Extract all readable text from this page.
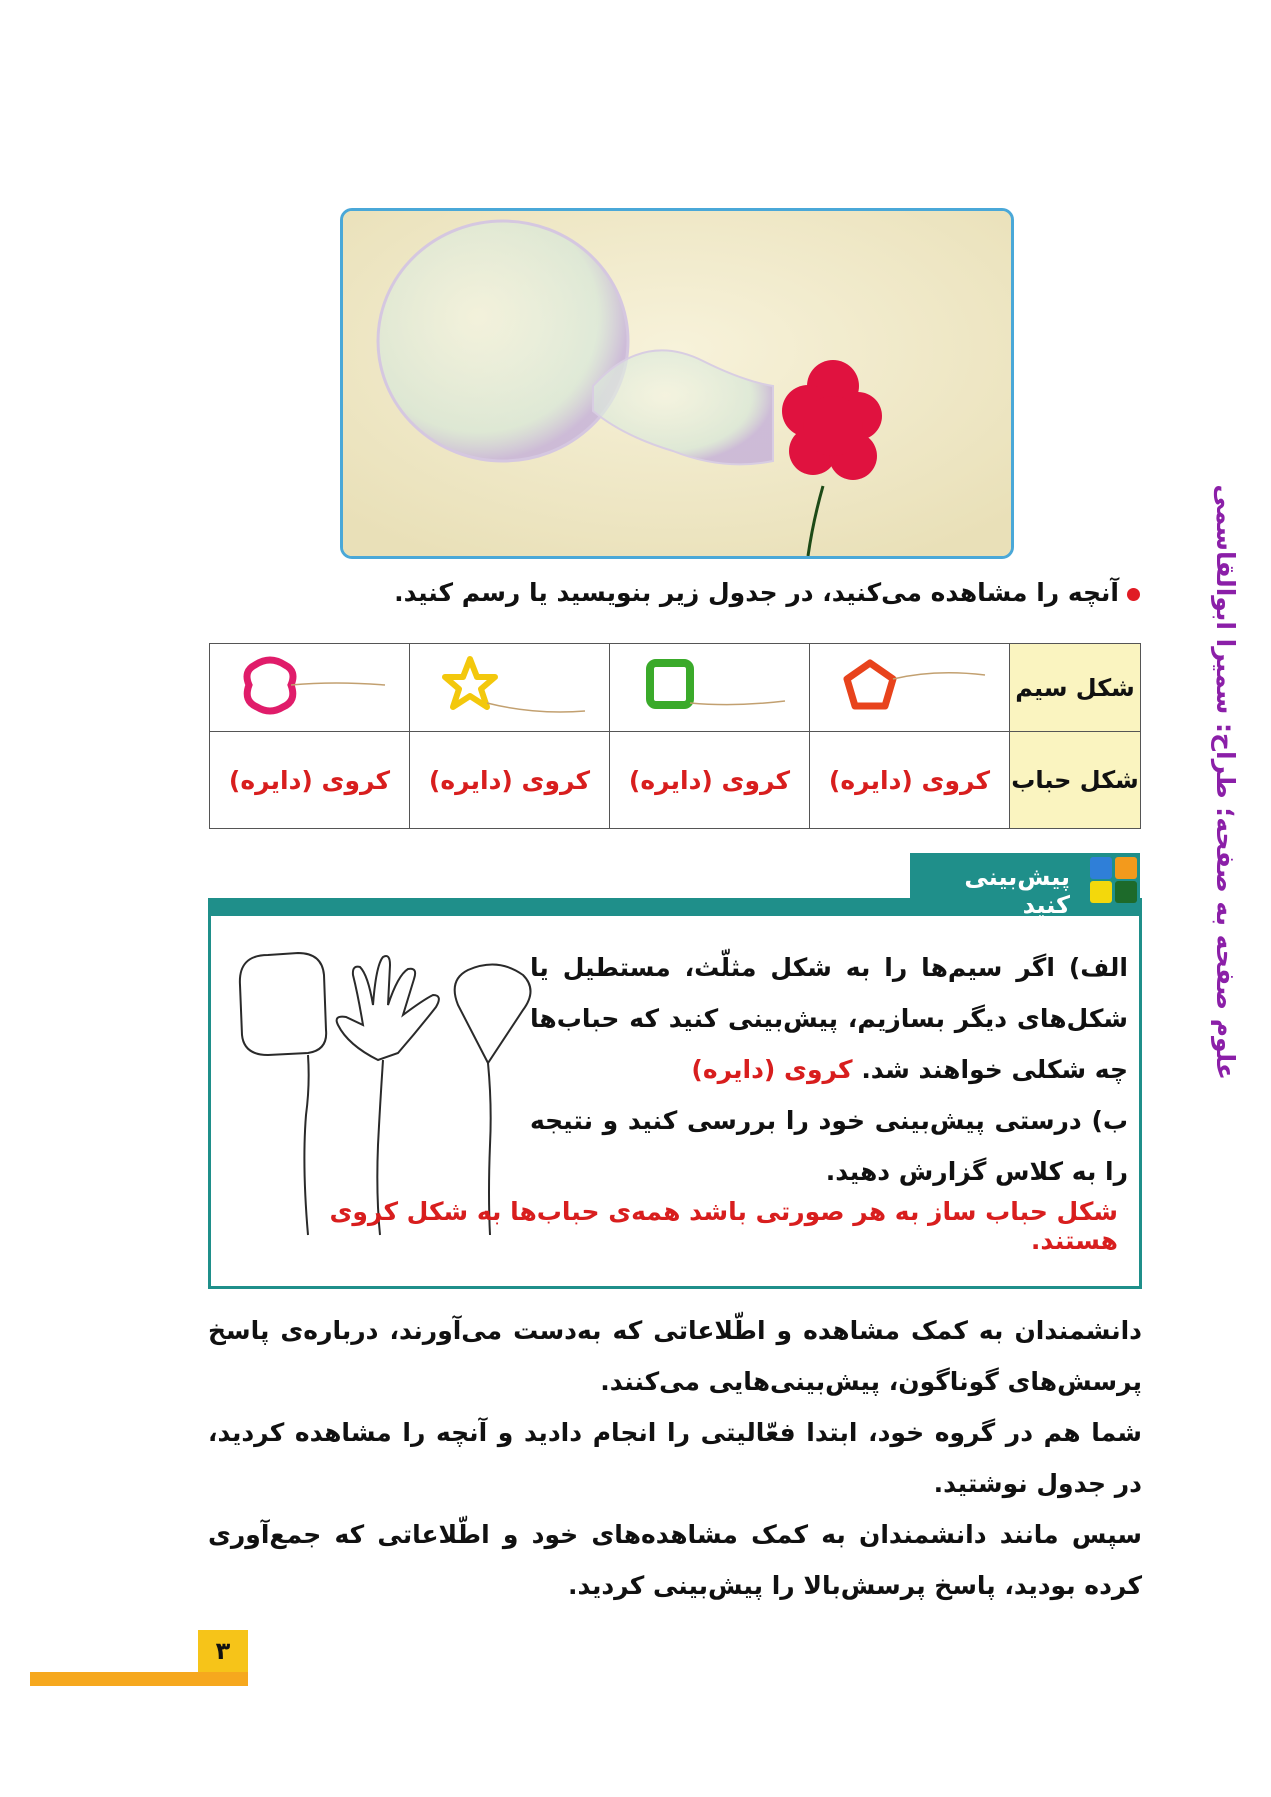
آنچه را مشاهده می‌کنید، در جدول زیر بنویسید یا رسم کنید.
شکل سیم				
شکل حباب	کروی (دایره)	کروی (دایره)	کروی (دایره)	کروی (دایره)	علوم صفحه به صفحه؛ طراح: سمیرا ابوالقاسمی
پیش‌بینی کنید
الف) اگر سیم‌ها را به شکل مثلّث، مستطیل یا شکل‌های دیگر بسازیم، پیش‌بینی کنید که حباب‌ها چه شکلی خواهند شد. کروی (دایره)
ب) درستی پیش‌بینی خود را بررسی کنید و نتیجه را به کلاس گزارش دهید.
شکل حباب ساز به هر صورتی باشد همه‌ی حباب‌ها به شکل کروی هستند.
دانشمندان به کمک مشاهده و اطّلاعاتی که به‌دست می‌آورند، درباره‌ی پاسخ پرسش‌های گوناگون، پیش‌بینی‌هایی می‌کنند.
شما هم در گروه خود، ابتدا فعّالیتی را انجام دادید و آنچه را مشاهده کردید، در جدول نوشتید.
سپس مانند دانشمندان به کمک مشاهده‌های خود و اطّلاعاتی که جمع‌آوری کرده بودید، پاسخ پرسش‌بالا را پیش‌بینی کردید.
۳
